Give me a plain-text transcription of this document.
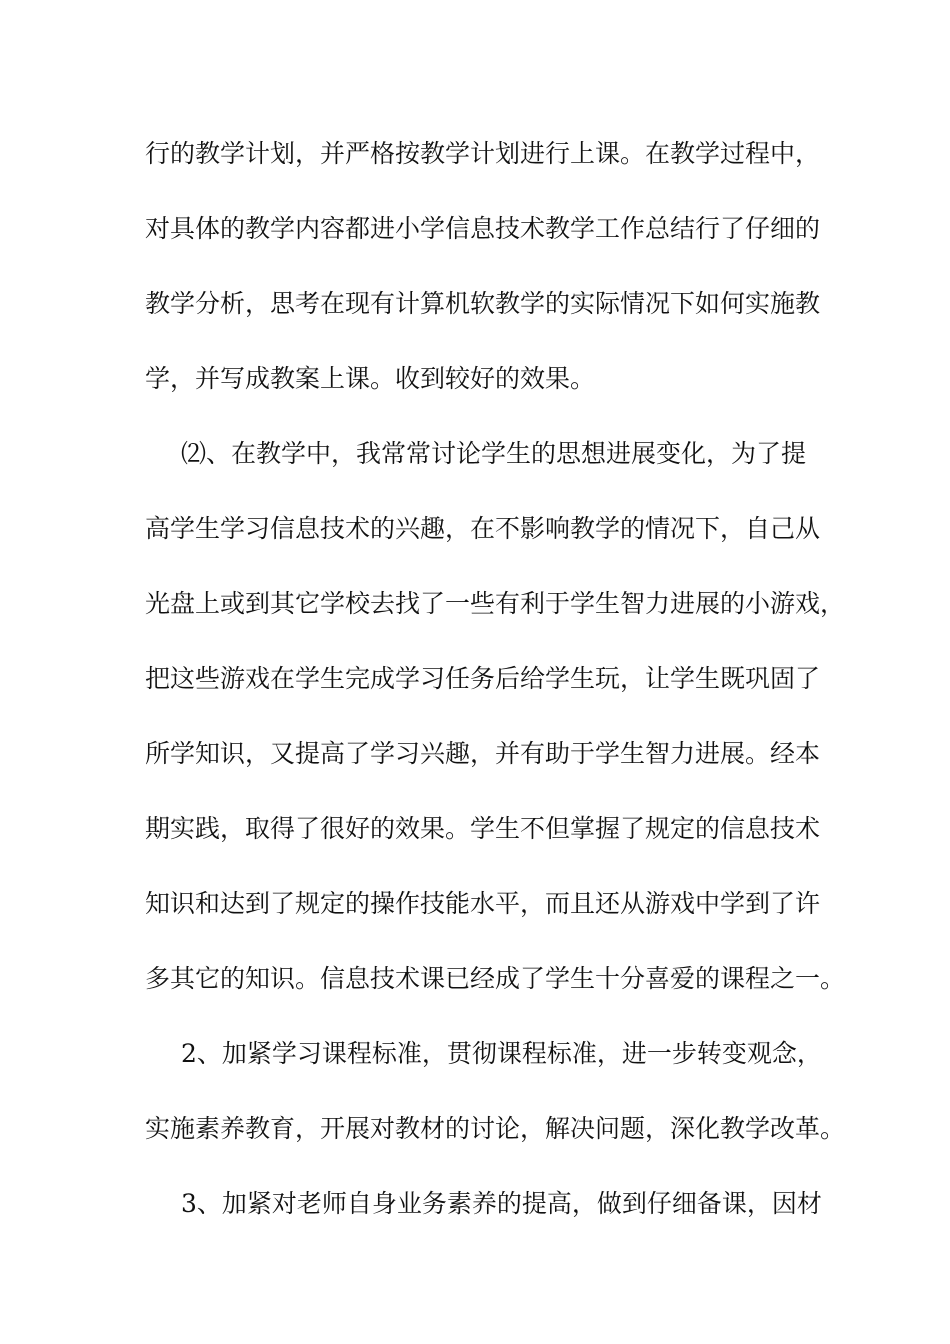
行的教学计划，并严格按教学计划进行上课。在教学过程中，
对具体的教学内容都进小学信息技术教学工作总结行了仔细的
教学分析，思考在现有计算机软教学的实际情况下如何实施教
学，并写成教案上课。收到较好的效果。
⑵、在教学中，我常常讨论学生的思想进展变化，为了提
高学生学习信息技术的兴趣，在不影响教学的情况下，自己从
光盘上或到其它学校去找了一些有利于学生智力进展的小游戏，
把这些游戏在学生完成学习任务后给学生玩，让学生既巩固了
所学知识，又提高了学习兴趣，并有助于学生智力进展。经本
期实践，取得了很好的效果。学生不但掌握了规定的信息技术
知识和达到了规定的操作技能水平，而且还从游戏中学到了许
多其它的知识。信息技术课已经成了学生十分喜爱的课程之一。
2、加紧学习课程标准，贯彻课程标准，进一步转变观念，
实施素养教育，开展对教材的讨论，解决问题，深化教学改革。
3、加紧对老师自身业务素养的提高，做到仔细备课，因材
